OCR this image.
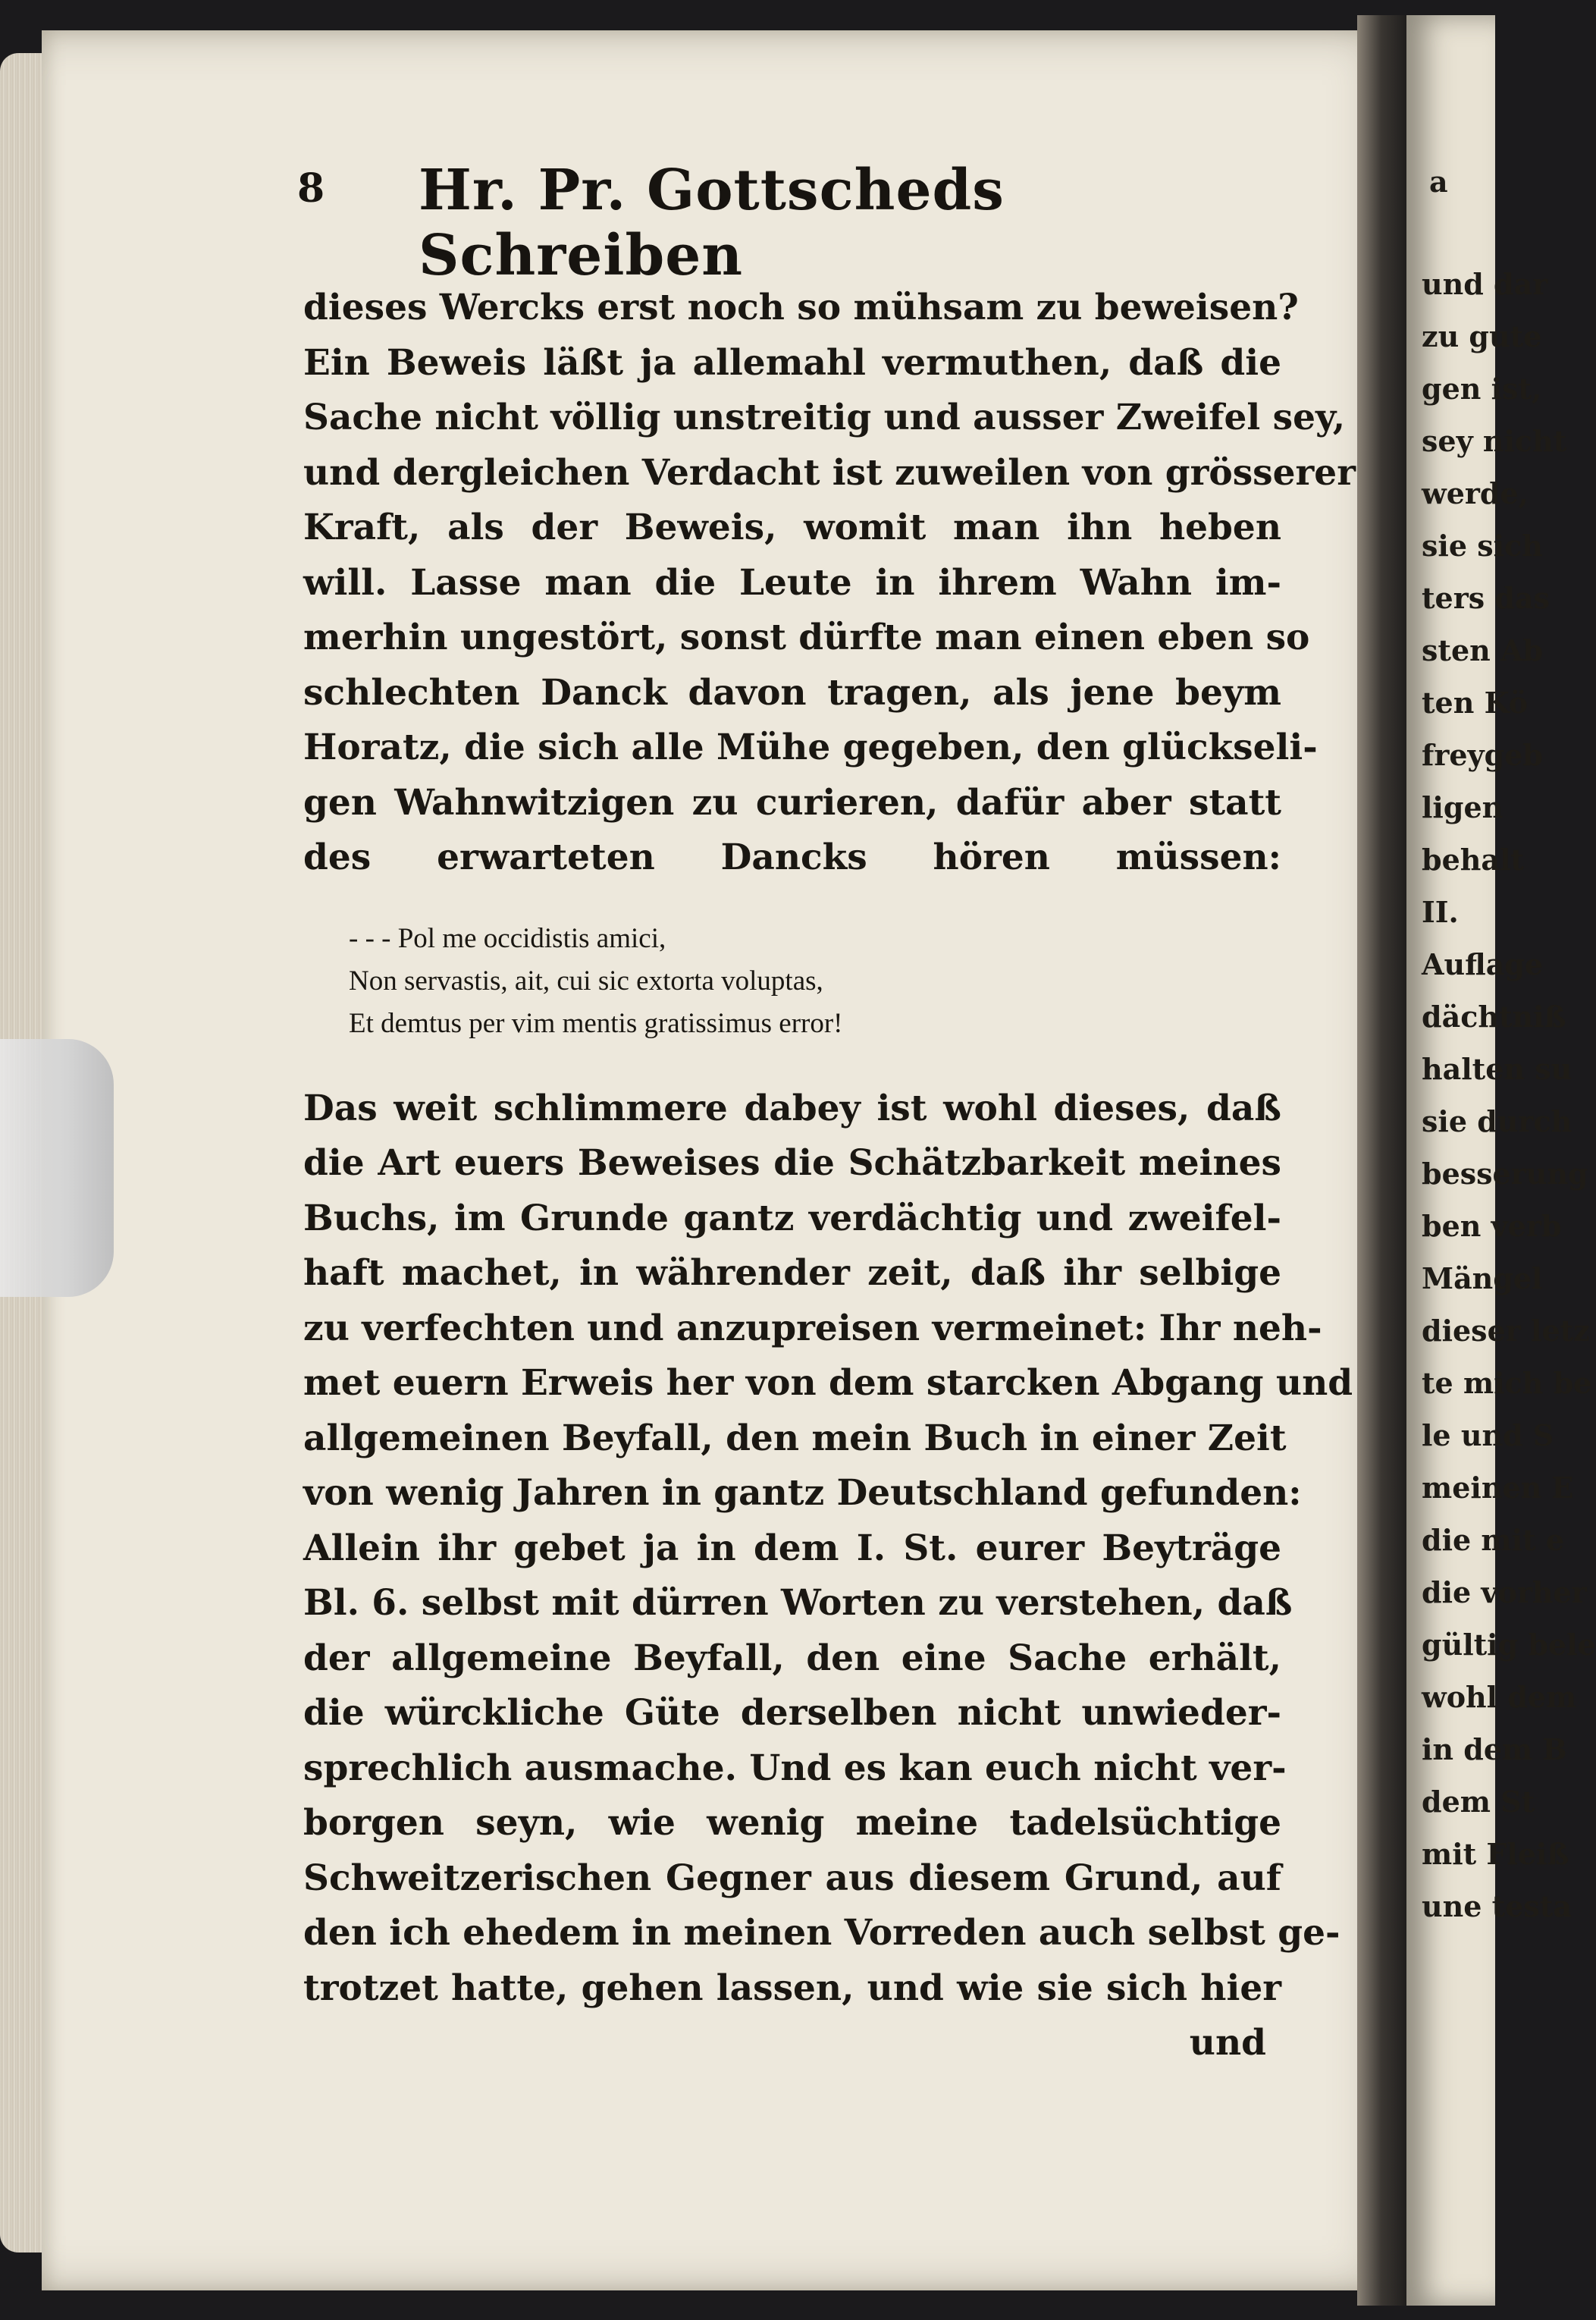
a
und dar
zu gute
gen ist,
sey nicht
werde,
sie sich
ters das
sten Ab
ten Kö
freygeb
ligen
behalt
II.
Auflage
dächtniß
halten su
sie durch
besserung
ben verb
Mängel
dieser letz
te mich be
le und S
meinen E
die mit e
die vorher
gültig bele
wohl dem
in dem B
dem St
mit Fleiß
une testa
8 Hr. Pr. Gottscheds Schreiben
dieses Wercks erst noch so mühsam zu beweisen?
Ein Beweis läßt ja allemahl vermuthen, daß die
Sache nicht völlig unstreitig und ausser Zweifel sey,
und dergleichen Verdacht ist zuweilen von grösserer
Kraft, als der Beweis, womit man ihn heben
will. Lasse man die Leute in ihrem Wahn im-
merhin ungestört, sonst dürfte man einen eben so
schlechten Danck davon tragen, als jene beym
Horatz, die sich alle Mühe gegeben, den glückseli-
gen Wahnwitzigen zu curieren, dafür aber statt
des erwarteten Dancks hören müssen:
- - - Pol me occidistis amici,
Non servastis, ait, cui sic extorta voluptas,
Et demtus per vim mentis gratissimus error!
Das weit schlimmere dabey ist wohl dieses, daß
die Art euers Beweises die Schätzbarkeit meines
Buchs, im Grunde gantz verdächtig und zweifel-
haft machet, in währender zeit, daß ihr selbige
zu verfechten und anzupreisen vermeinet: Ihr neh-
met euern Erweis her von dem starcken Abgang und
allgemeinen Beyfall, den mein Buch in einer Zeit
von wenig Jahren in gantz Deutschland gefunden:
Allein ihr gebet ja in dem I. St. eurer Beyträge
Bl. 6. selbst mit dürren Worten zu verstehen, daß
der allgemeine Beyfall, den eine Sache erhält,
die würckliche Güte derselben nicht unwieder-
sprechlich ausmache. Und es kan euch nicht ver-
borgen seyn, wie wenig meine tadelsüchtige
Schweitzerischen Gegner aus diesem Grund, auf
den ich ehedem in meinen Vorreden auch selbst ge-
trotzet hatte, gehen lassen, und wie sie sich hier
und
